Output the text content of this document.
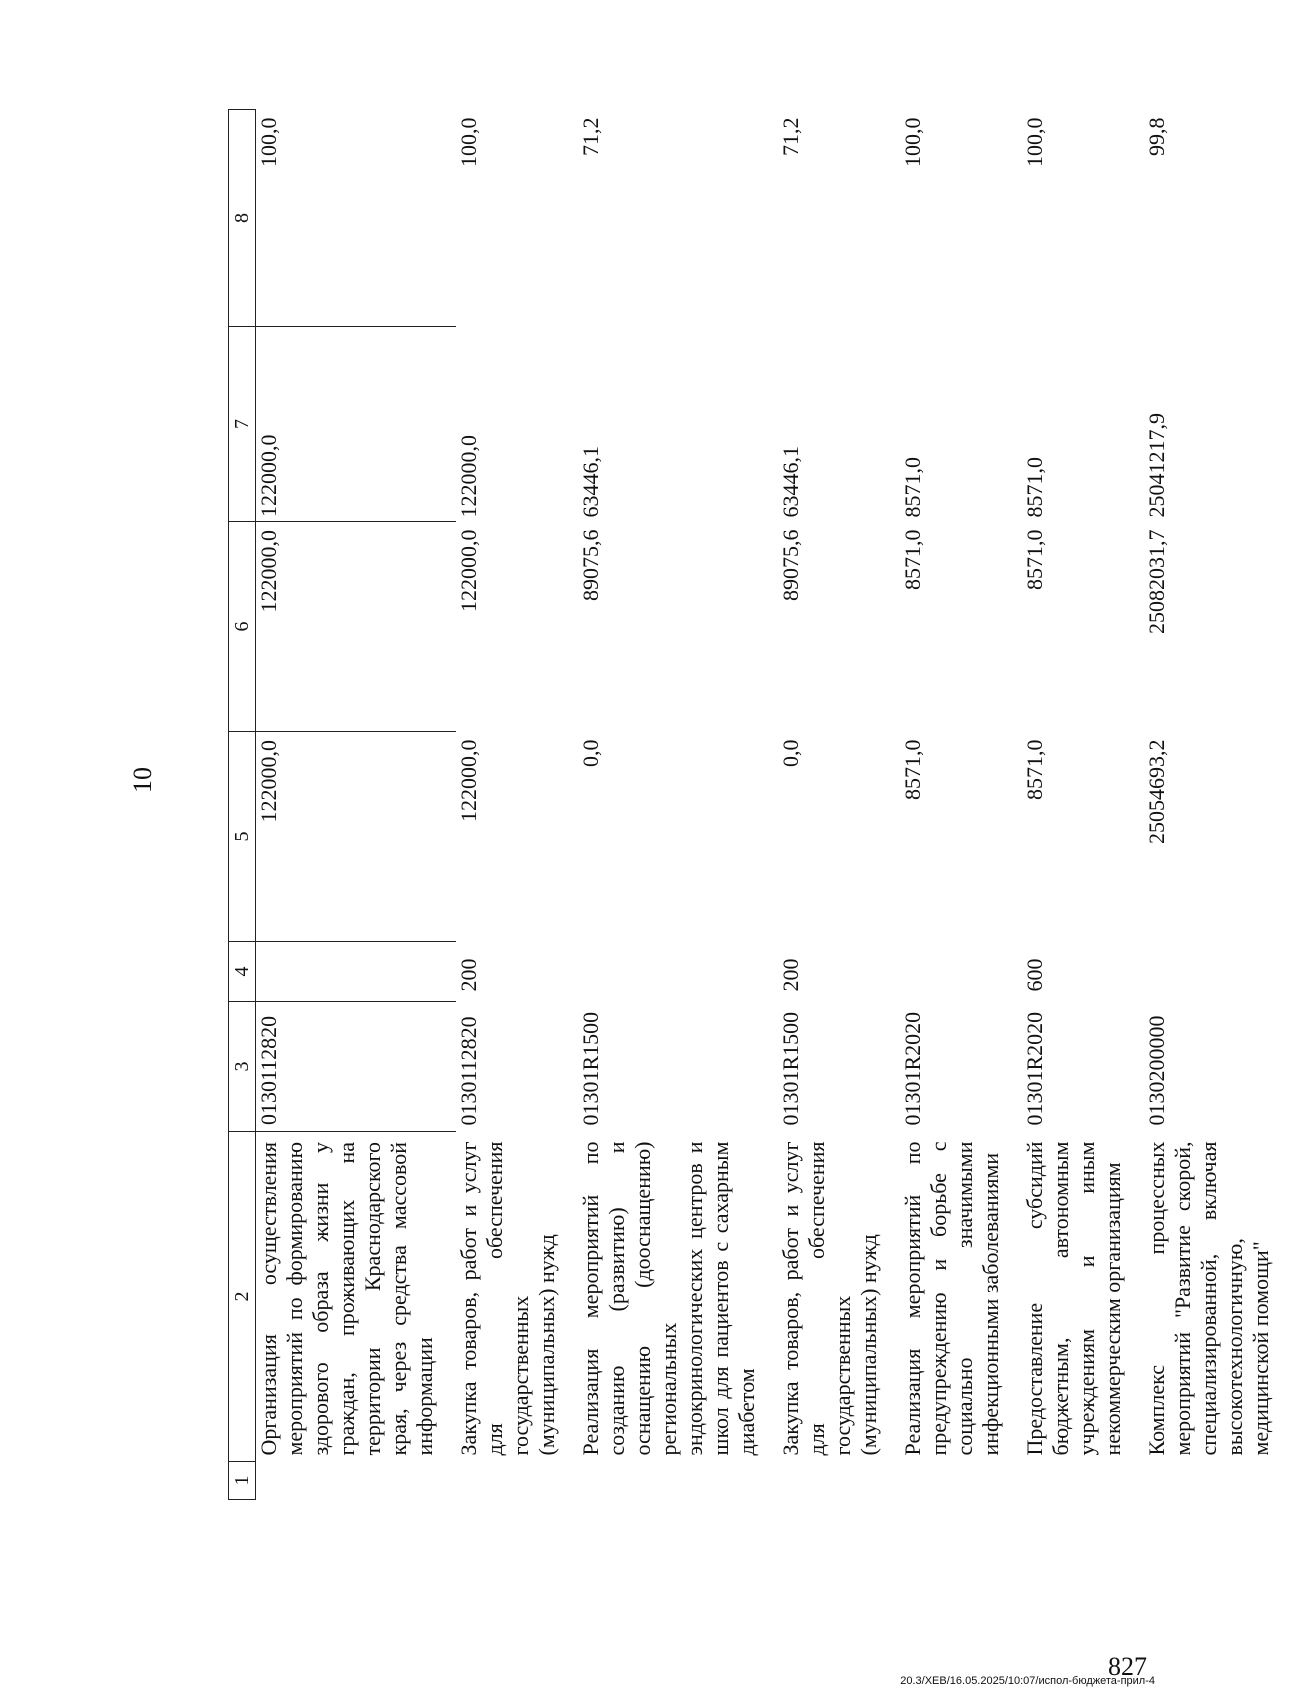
10
1	2	3	4	5	6	7	8
	Организация осуществления мероприятий по формированию здорового образа жизни у граждан, проживающих на территории Краснодарского края, через средства массовой информации	0130112820		122000,0	122000,0	122000,0	100,0
	Закупка товаров, работ и услуг для обеспечения государственных (муниципальных) нужд	0130112820	200	122000,0	122000,0	122000,0	100,0
	Реализация мероприятий по созданию (развитию) и оснащению (дооснащению) региональных эндокринологических центров и школ для пациентов с сахарным диабетом	01301R1500		0,0	89075,6	63446,1	71,2
	Закупка товаров, работ и услуг для обеспечения государственных (муниципальных) нужд	01301R1500	200	0,0	89075,6	63446,1	71,2
	Реализация мероприятий по предупреждению и борьбе с социально значимыми инфекционными заболеваниями	01301R2020		8571,0	8571,0	8571,0	100,0
	Предоставление субсидий бюджетным, автономным учреждениям и иным некоммерческим организациям	01301R2020	600	8571,0	8571,0	8571,0	100,0
	Комплекс процессных мероприятий "Развитие скорой, специализированной, включая высокотехнологичную, медицинской помощи"	0130200000		25054693,2	25082031,7	25041217,9	99,8
20.3/ХЕВ/16.05.2025/10:07/испол-бюджета-прил-4
827
